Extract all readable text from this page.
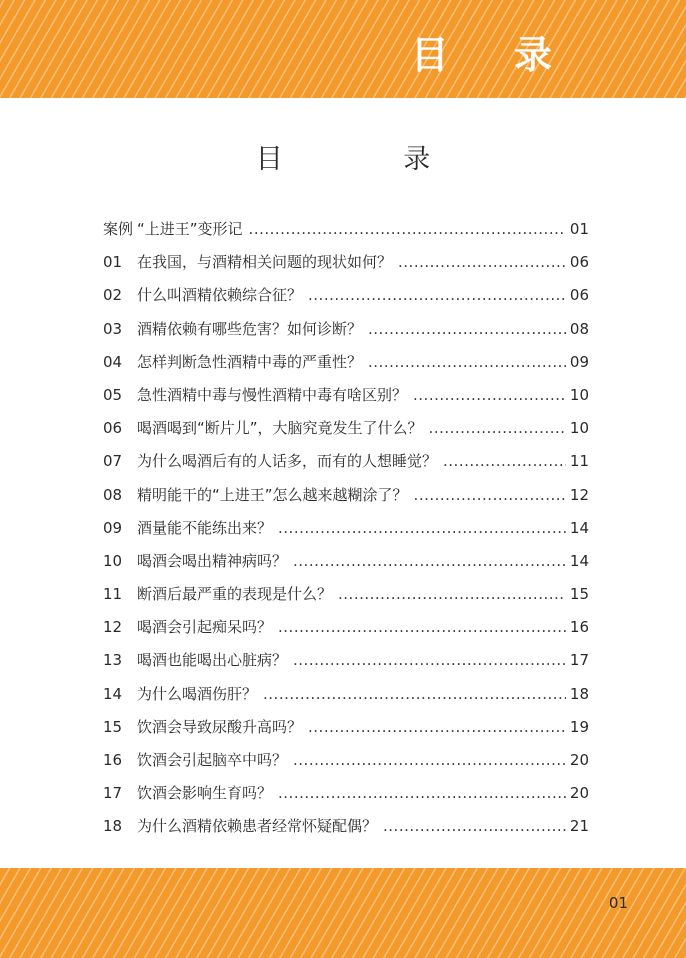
目 录
目 录
案例 “上进王”变形记 .....	01
01 在我国，与酒精相关问题的现状如何？ .....	06
02 什么叫酒精依赖综合征？ .....	06
03 酒精依赖有哪些危害？如何诊断？ .....	08
04 怎样判断急性酒精中毒的严重性？ .....	09
05 急性酒精中毒与慢性酒精中毒有啥区别？ .....	10
06 喝酒喝到“断片儿”，大脑究竟发生了什么？ .....	10
07 为什么喝酒后有的人话多，而有的人想睡觉？ .....	11
08 精明能干的“上进王”怎么越来越糊涂了？ .....	12
09 酒量能不能练出来？ .....	14
10 喝酒会喝出精神病吗？ .....	14
11 断酒后最严重的表现是什么？ .....	15
12 喝酒会引起痴呆吗？ .....	16
13 喝酒也能喝出心脏病？ .....	17
14 为什么喝酒伤肝？ .....	18
15 饮酒会导致尿酸升高吗？ .....	19
16 饮酒会引起脑卒中吗？ .....	20
17 饮酒会影响生育吗？ .....	20
18 为什么酒精依赖患者经常怀疑配偶？ .....	21
01
